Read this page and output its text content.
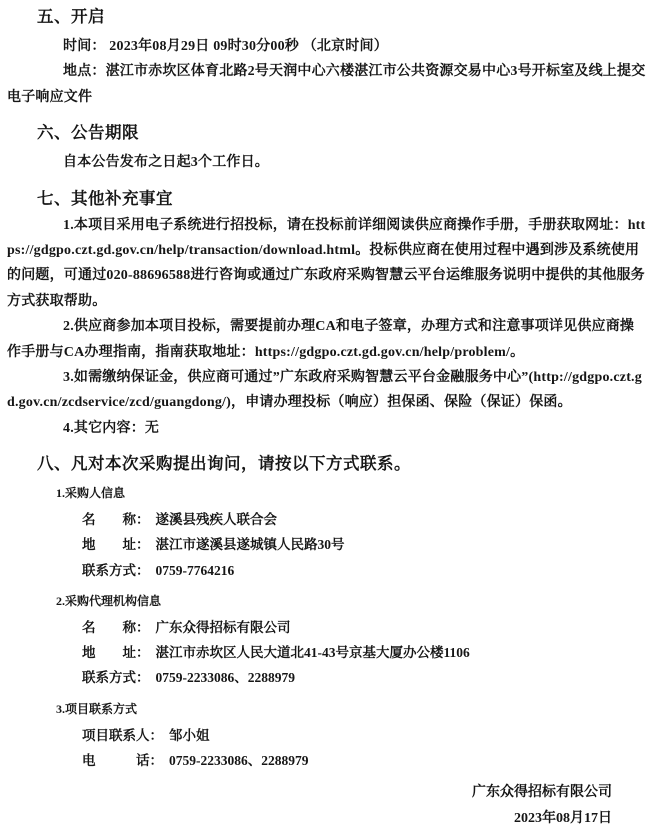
五、开启
时间： 2023年08月29日 09时30分00秒 （北京时间）
地点：湛江市赤坎区体育北路2号天润中心六楼湛江市公共资源交易中心3号开标室及线上提交电子响应文件
六、公告期限
自本公告发布之日起3个工作日。
七、其他补充事宜
1.本项目采用电子系统进行招投标，请在投标前详细阅读供应商操作手册，手册获取网址：https://gdgpo.czt.gd.gov.cn/help/transaction/download.html。投标供应商在使用过程中遇到涉及系统使用的问题，可通过020-88696588进行咨询或通过广东政府采购智慧云平台运维服务说明中提供的其他服务方式获取帮助。
2.供应商参加本项目投标，需要提前办理CA和电子签章，办理方式和注意事项详见供应商操作手册与CA办理指南，指南获取地址：https://gdgpo.czt.gd.gov.cn/help/problem/。
3.如需缴纳保证金，供应商可通过”广东政府采购智慧云平台金融服务中心”(http://gdgpo.czt.gd.gov.cn/zcdservice/zcd/guangdong/)，申请办理投标（响应）担保函、保险（保证）保函。
4.其它内容：无
八、凡对本次采购提出询问，请按以下方式联系。
1.采购人信息
名　　称： 遂溪县残疾人联合会
地　　址： 湛江市遂溪县遂城镇人民路30号
联系方式： 0759-7764216
2.采购代理机构信息
名　　称： 广东众得招标有限公司
地　　址： 湛江市赤坎区人民大道北41-43号京基大厦办公楼1106
联系方式： 0759-2233086、2288979
3.项目联系方式
项目联系人： 邹小姐
电　　　话： 0759-2233086、2288979
广东众得招标有限公司
2023年08月17日
